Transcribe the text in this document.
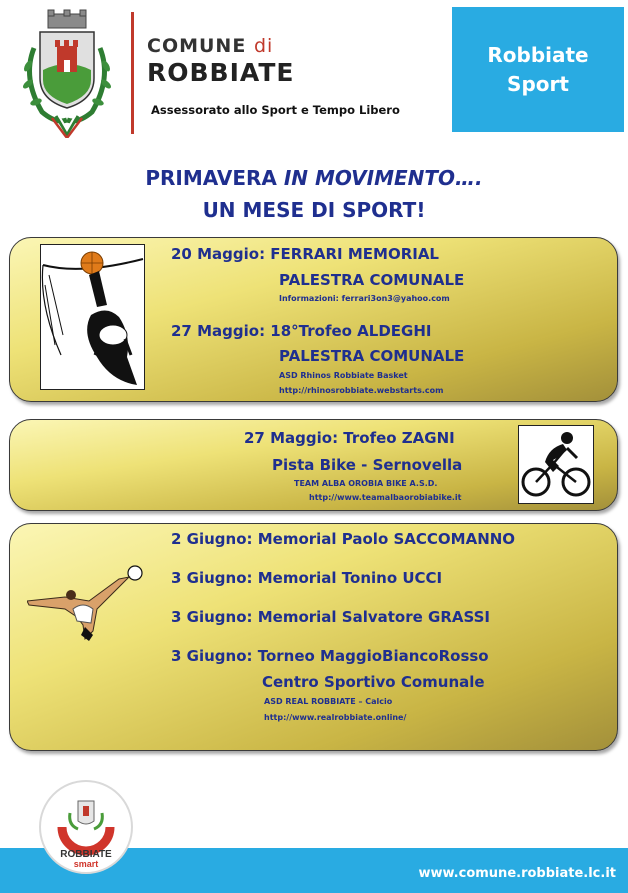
COMUNE di
ROBBIATE
Assessorato allo Sport e Tempo Libero
Robbiate
Sport
PRIMAVERA IN MOVIMENTO….
UN MESE DI SPORT!
20 Maggio: FERRARI MEMORIAL
PALESTRA COMUNALE
Informazioni: ferrari3on3@yahoo.com
27 Maggio: 18°Trofeo ALDEGHI
PALESTRA COMUNALE
ASD Rhinos Robbiate Basket
http://rhinosrobbiate.webstarts.com
27 Maggio: Trofeo ZAGNI
Pista Bike - Sernovella
TEAM ALBA OROBIA BIKE A.S.D.
http://www.teamalbaorobiabike.it
2 Giugno: Memorial Paolo SACCOMANNO
3 Giugno: Memorial Tonino UCCI
3 Giugno: Memorial Salvatore GRASSI
3 Giugno: Torneo MaggioBiancoRosso
Centro Sportivo Comunale
ASD REAL ROBBIATE – Calcio
http://www.realrobbiate.online/
www.comune.robbiate.lc.it
ROBBIATE
smart
